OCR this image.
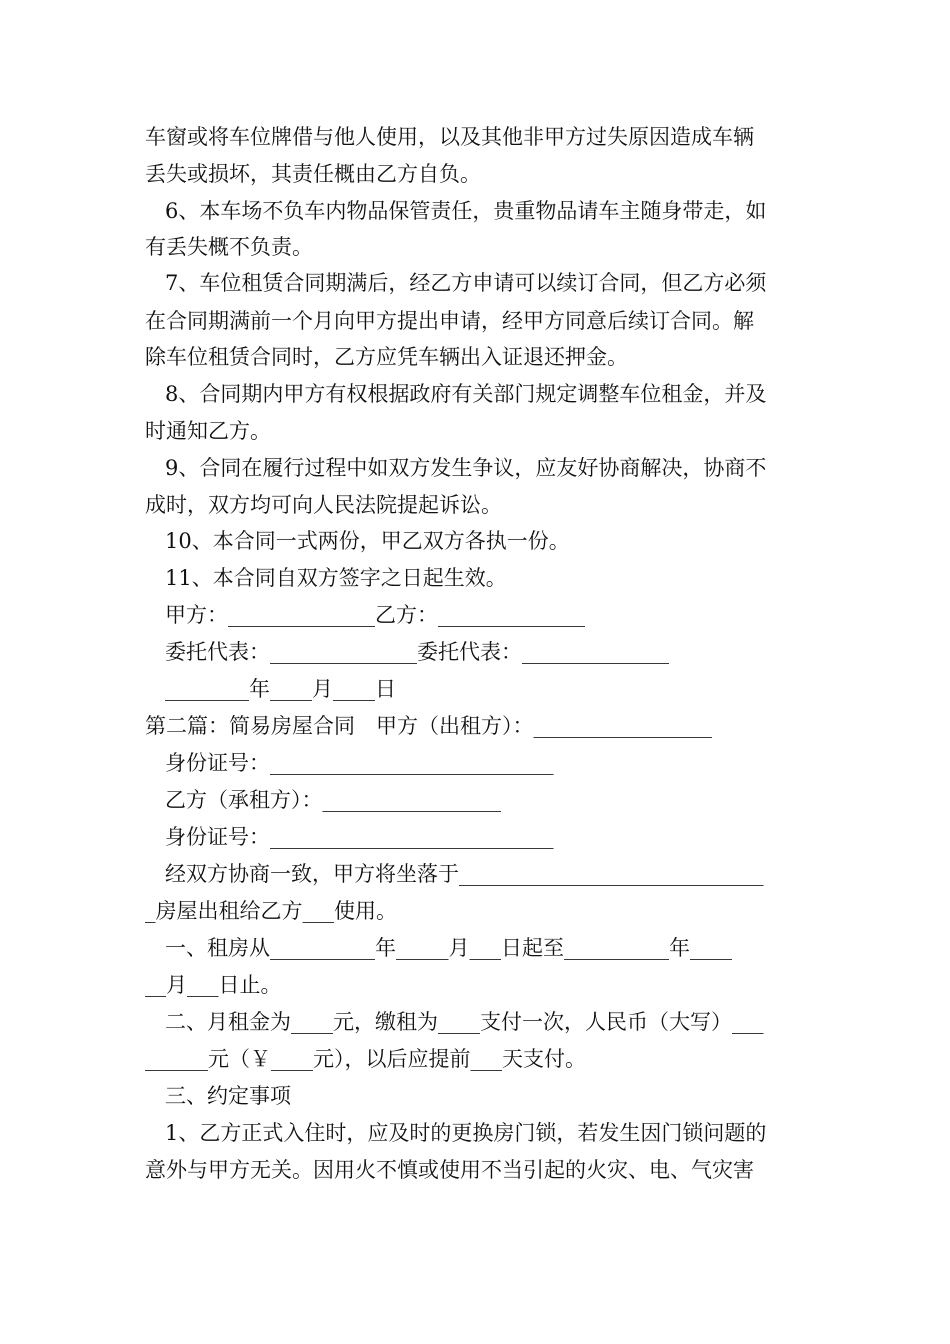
车窗或将车位牌借与他人使用，以及其他非甲方过失原因造成车辆
丢失或损坏，其责任概由乙方自负。
6、本车场不负车内物品保管责任，贵重物品请车主随身带走，如
有丢失概不负责。
7、车位租赁合同期满后，经乙方申请可以续订合同，但乙方必须
在合同期满前一个月向甲方提出申请，经甲方同意后续订合同。解
除车位租赁合同时，乙方应凭车辆出入证退还押金。
8、合同期内甲方有权根据政府有关部门规定调整车位租金，并及
时通知乙方。
9、合同在履行过程中如双方发生争议，应友好协商解决，协商不
成时，双方均可向人民法院提起诉讼。
10、本合同一式两份，甲乙双方各执一份。
11、本合同自双方签字之日起生效。
甲方：______________乙方：______________
委托代表：______________委托代表：______________
________年____月____日
第二篇：简易房屋合同　甲方（出租方）：_________________
身份证号：___________________________
乙方（承租方）：_________________
身份证号：___________________________
经双方协商一致，甲方将坐落于_____________________________
_房屋出租给乙方___使用。
一、租房从__________年_____月___日起至__________年____
__月___日止。
二、月租金为____元，缴租为____支付一次，人民币（大写）___
______元（￥____元），以后应提前___天支付。
三、约定事项
1、乙方正式入住时，应及时的更换房门锁，若发生因门锁问题的
意外与甲方无关。因用火不慎或使用不当引起的火灾、电、气灾害
